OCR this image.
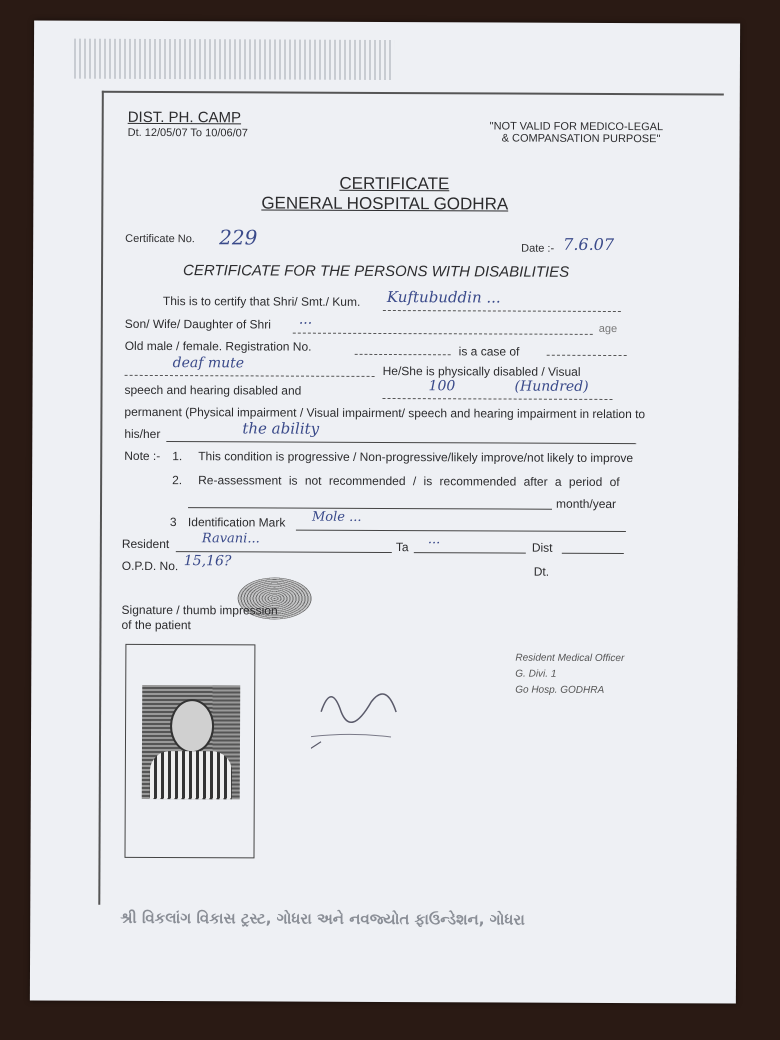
DIST. PH. CAMP
Dt. 12/05/07 To 10/06/07	"NOT VALID FOR MEDICO-LEGAL
& COMPANSATION PURPOSE"
CERTIFICATE
GENERAL HOSPITAL GODHRA
Certificate No. 229	Date :- 7.6.07
CERTIFICATE FOR THE PERSONS WITH DISABILITIES
This is to certify that Shri/ Smt./ Kum. Kuftubuddin ...
Son/ Wife/ Daughter of Shri ...
age
Old male / female. Registration No.	is a case of
deaf mute
He/She is physically disabled / Visual
speech and hearing disabled and	100	(Hundred)
permanent (Physical impairment / Visual impairment/ speech and hearing impairment in relation to
his/her	the ability
Note :- 1. This condition is progressive / Non-progressive/likely improve/not likely to improve
2. Re-assessment is not recommended / is recommended after a period of
month/year
3 Identification Mark Mole ...
Resident	Ravani...
Ta ...
Dist
O.P.D. No. 15,16?
Dt.
Signature / thumb impression
of the patient
Resident Medical Officer
G. Divi. 1
Go Hosp. GODHRA
શ્રી વિકલાંગ વિકાસ ટ્રસ્ટ, ગોધરા અને નવજ્યોત ફાઉન્ડેશન, ગોધરા
